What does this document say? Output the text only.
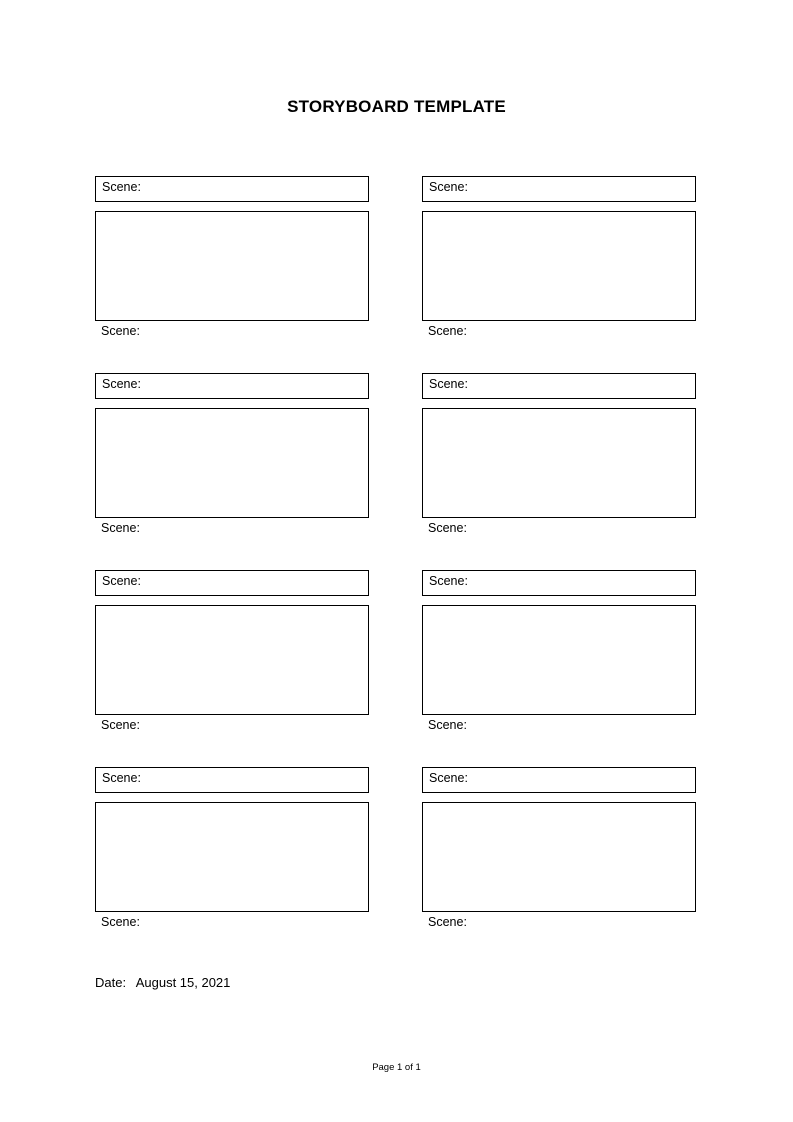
STORYBOARD TEMPLATE
Scene:
Scene:
Scene:
Scene:
Scene:
Scene:
Scene:
Scene:
Scene:
Scene:
Scene:
Scene:
Scene:
Scene:
Scene:
Scene:
Date: August 15, 2021
Page 1 of 1
